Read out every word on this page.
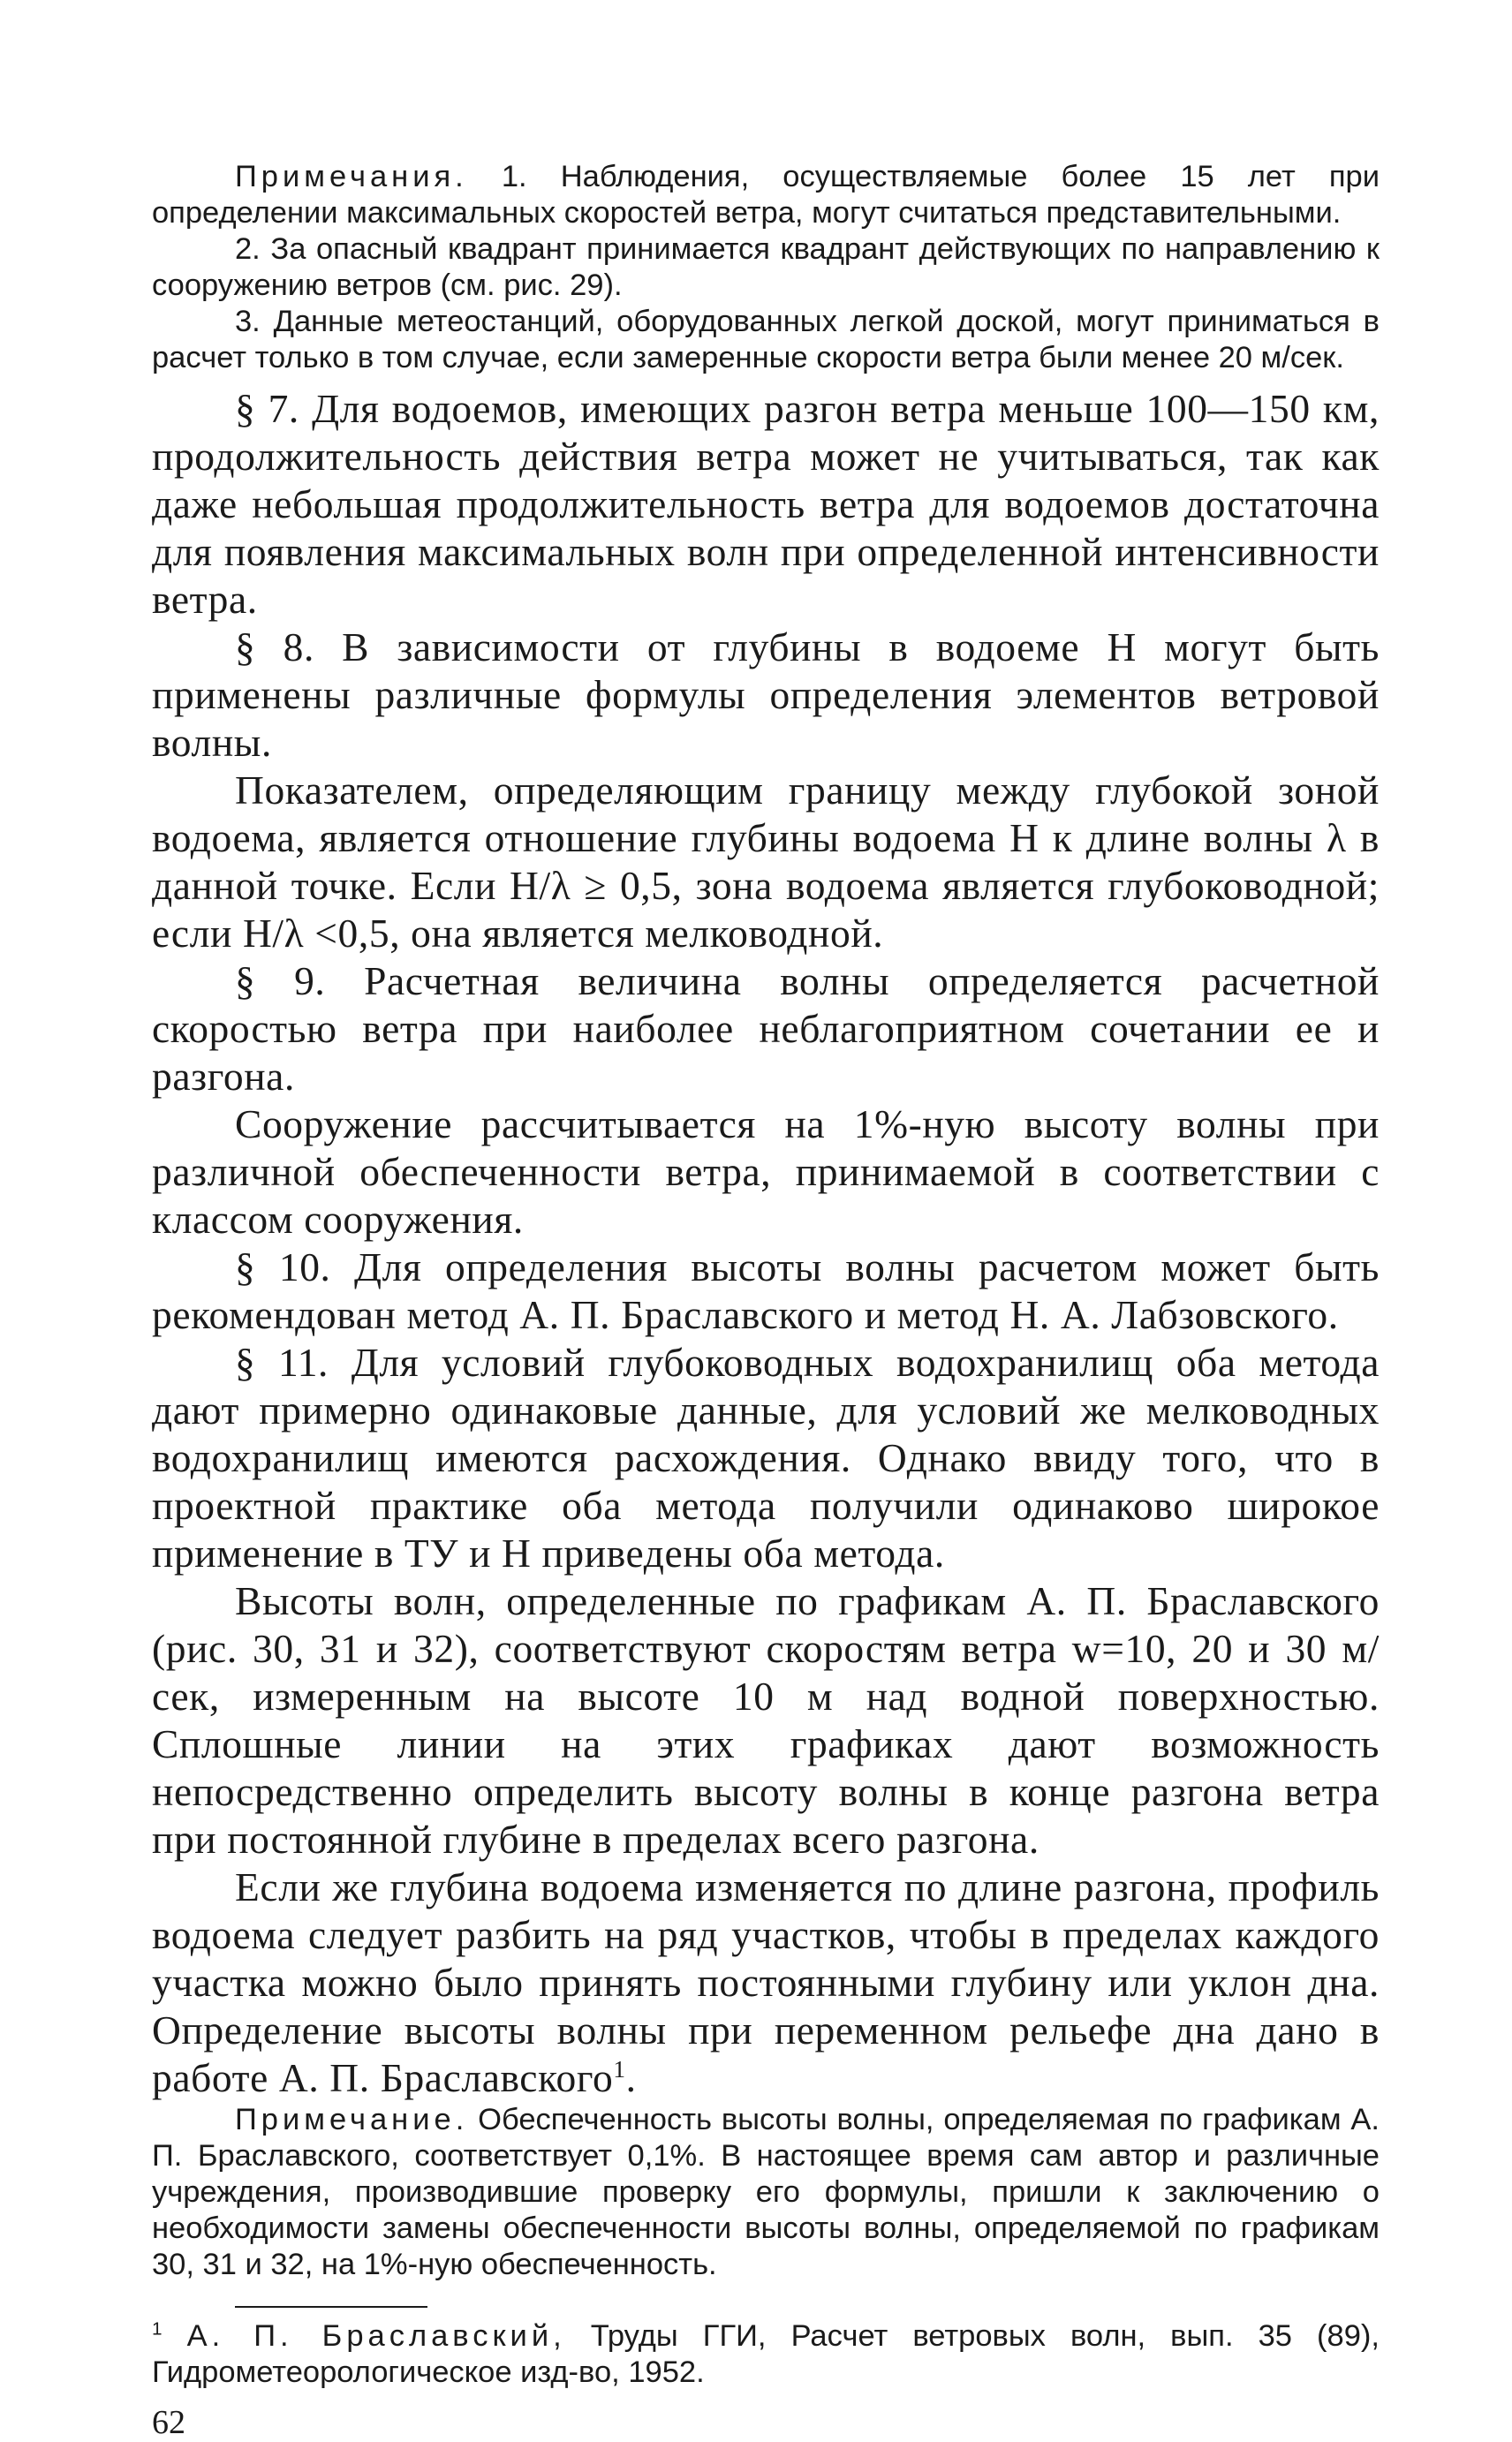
Примечания. 1. Наблюдения, осуществляемые более 15 лет при определении максимальных скоростей ветра, могут считаться представительными.

2. За опасный квадрант принимается квадрант действующих по направлению к сооружению ветров (см. рис. 29).

3. Данные метеостанций, оборудованных легкой доской, могут приниматься в расчет только в том случае, если замеренные скорости ветра были менее 20 м/сек.

§ 7. Для водоемов, имеющих разгон ветра меньше 100—150 км, продолжительность действия ветра может не учитываться, так как даже небольшая продолжительность ветра для водоемов достаточна для появления максимальных волн при определенной интенсивности ветра.

§ 8. В зависимости от глубины в водоеме H могут быть применены различные формулы определения элементов ветровой волны.

Показателем, определяющим границу между глубокой зоной водоема, является отношение глубины водоема H к длине волны λ в данной точке. Если H/λ ≥ 0,5, зона водоема является глубоководной; если H/λ <0,5, она является мелководной.

§ 9. Расчетная величина волны определяется расчетной скоростью ветра при наиболее неблагоприятном сочетании ее и разгона.

Сооружение рассчитывается на 1%-ную высоту волны при различной обеспеченности ветра, принимаемой в соответствии с классом сооружения.

§ 10. Для определения высоты волны расчетом может быть рекомендован метод А. П. Браславского и метод Н. А. Лабзовского.

§ 11. Для условий глубоководных водохранилищ оба метода дают примерно одинаковые данные, для условий же мелководных водохранилищ имеются расхождения. Однако ввиду того, что в проектной практике оба метода получили одинаково широкое применение в ТУ и Н приведены оба метода.

Высоты волн, определенные по графикам А. П. Браславского (рис. 30, 31 и 32), соответствуют скоростям ветра w=10, 20 и 30 м/сек, измеренным на высоте 10 м над водной поверхностью. Сплошные линии на этих графиках дают возможность непосредственно определить высоту волны в конце разгона ветра при постоянной глубине в пределах всего разгона.

Если же глубина водоема изменяется по длине разгона, профиль водоема следует разбить на ряд участков, чтобы в пределах каждого участка можно было принять постоянными глубину или уклон дна. Определение высоты волны при переменном рельефе дна дано в работе А. П. Браславского$^1$.

Примечание. Обеспеченность высоты волны, определяемая по графикам А. П. Браславского, соответствует 0,1%. В настоящее время сам автор и различные учреждения, производившие проверку его формулы, пришли к заключению о необходимости замены обеспеченности высоты волны, определяемой по графикам 30, 31 и 32, на 1%-ную обеспеченность.

$^1$ А. П. Браславский, Труды ГГИ, Расчет ветровых волн, вып. 35 (89), Гидрометеорологическое изд-во, 1952.

62
